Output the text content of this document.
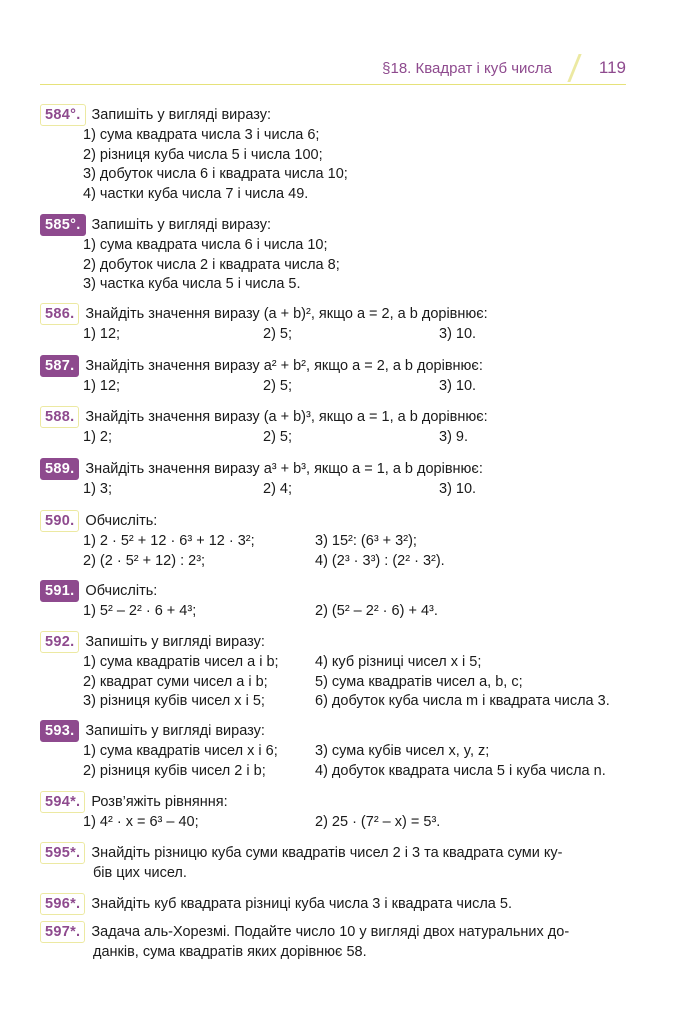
§18. Квадрат і куб числа	119
584°. Запишіть у вигляді виразу:
1) сума квадрата числа 3 і числа 6;
2) різниця куба числа 5 і числа 100;
3) добуток числа 6 і квадрата числа 10;
4) частки куба числа 7 і числа 49.
585°. Запишіть у вигляді виразу:
1) сума квадрата числа 6 і числа 10;
2) добуток числа 2 і квадрата числа 8;
3) частка куба числа 5 і числа 5.
586. Знайдіть значення виразу (a + b)², якщо a = 2, а b дорівнює:
1) 12;	2) 5;	3) 10.
587. Знайдіть значення виразу a² + b², якщо a = 2, а b дорівнює:
1) 12;	2) 5;	3) 10.
588. Знайдіть значення виразу (a + b)³, якщо a = 1, а b дорівнює:
1) 2;	2) 5;	3) 9.
589. Знайдіть значення виразу a³ + b³, якщо a = 1, а b дорівнює:
1) 3;	2) 4;	3) 10.
590. Обчисліть:
1) 2 · 5² + 12 · 6³ + 12 · 3²;	3) 15²: (6³ + 3²);
2) (2 · 5² + 12) : 2³;	4) (2³ · 3³) : (2² · 3²).
591. Обчисліть:
1) 5² – 2² · 6 + 4³;	2) (5² – 2² · 6) + 4³.
592. Запишіть у вигляді виразу:
1) сума квадратів чисел a і b;	4) куб різниці чисел x і 5;
2) квадрат суми чисел a і b;	5) сума квадратів чисел a, b, c;
3) різниця кубів чисел x і 5;	6) добуток куба числа m і квадрата числа 3.
593. Запишіть у вигляді виразу:
1) сума квадратів чисел x і 6;	3) сума кубів чисел x, y, z;
2) різниця кубів чисел 2 і b;	4) добуток квадрата числа 5 і куба числа n.
594*. Розв’яжіть рівняння:
1) 4² · x = 6³ – 40;	2) 25 · (7² – x) = 5³.
595*. Знайдіть різницю куба суми квадратів чисел 2 і 3 та квадрата суми ку-
бів цих чисел.
596*. Знайдіть куб квадрата різниці куба числа 3 і квадрата числа 5.
597*. Задача аль-Хорезмі. Подайте число 10 у вигляді двох натуральних до-
данків, сума квадратів яких дорівнює 58.
